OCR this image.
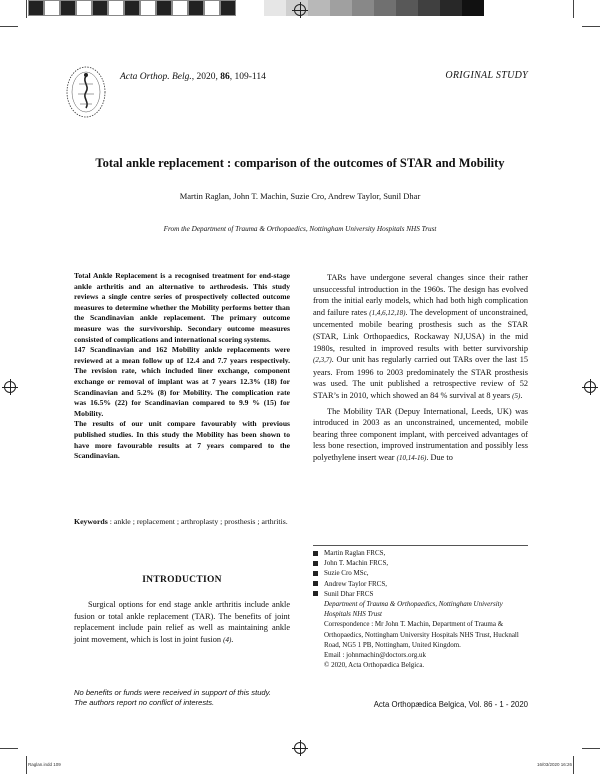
Acta Orthop. Belg., 2020, 86, 109-114	ORIGINAL STUDY
Total ankle replacement : comparison of the outcomes of STAR and Mobility
Martin Raglan, John T. Machin, Suzie Cro, Andrew Taylor, Sunil Dhar
From the Department of Trauma & Orthopaedics, Nottingham University Hospitals NHS Trust

Total Ankle Replacement is a recognised treatment for end-stage ankle arthritis and an alternative to arthrodesis. This study reviews a single centre series of prospectively collected outcome measures to determine whether the Mobility performs better than the Scandinavian ankle replacement. The primary outcome measure was the survivorship. Secondary outcome measures consisted of complications and international scoring systems.

147 Scandinavian and 162 Mobility ankle replacements were reviewed at a mean follow up of 12.4 and 7.7 years respectively. The revision rate, which included liner exchange, component exchange or removal of implant was at 7 years 12.3% (18) for Scandinavian and 5.2% (8) for Mobility. The complication rate was 16.5% (22) for Scandinavian compared to 9.9 % (15) for Mobility.

The results of our unit compare favourably with previous published studies. In this study the Mobility has been shown to have more favourable results at 7 years compared to the Scandinavian.

Keywords : ankle ; replacement ; arthroplasty ; prosthesis ; arthritis.
INTRODUCTION

Surgical options for end stage ankle arthritis include ankle fusion or total ankle replacement (TAR). The benefits of joint replacement include pain relief as well as maintaining ankle joint movement, which is lost in joint fusion (4).

TARs have undergone several changes since their rather unsuccessful introduction in the 1960s. The design has evolved from the initial early models, which had both high complication and failure rates (1,4,6,12,18). The development of unconstrained, uncemented mobile bearing prosthesis such as the STAR (STAR, Link Orthopaedics, Rockaway NJ,USA) in the mid 1980s, resulted in improved results with better survivorship (2,3,7). Our unit has regularly carried out TARs over the last 15 years. From 1996 to 2003 predominately the STAR prosthesis was used. The unit published a retrospective review of 52 STAR’s in 2010, which showed an 84 % survival at 8 years (5).

The Mobility TAR (Depuy International, Leeds, UK) was introduced in 2003 as an unconstrained, uncemented, mobile bearing three component implant, with perceived advantages of less bone resection, improved instrumentation and possibly less polyethylene insert wear (10,14-16). Due to

Martin Raglan FRCS,
John T. Machin FRCS,
Suzie Cro MSc,
Andrew Taylor FRCS,
Sunil Dhar FRCS
Department of Trauma & Orthopaedics, Nottingham University Hospitals NHS Trust
Correspondence : Mr John T. Machin, Department of Trauma & Orthopaedics, Nottingham University Hospitals NHS Trust, Hucknall Road, NG5 1 PB, Nottingham, United Kingdom.
Email : johnmachin@doctors.org.uk
© 2020, Acta Orthopædica Belgica.
No benefits or funds were received in support of this study.
The authors report no conflict of interests.	Acta Orthopædica Belgica, Vol. 86 - 1 - 2020
Raglan.indd 109	16/03/2020 16:26
